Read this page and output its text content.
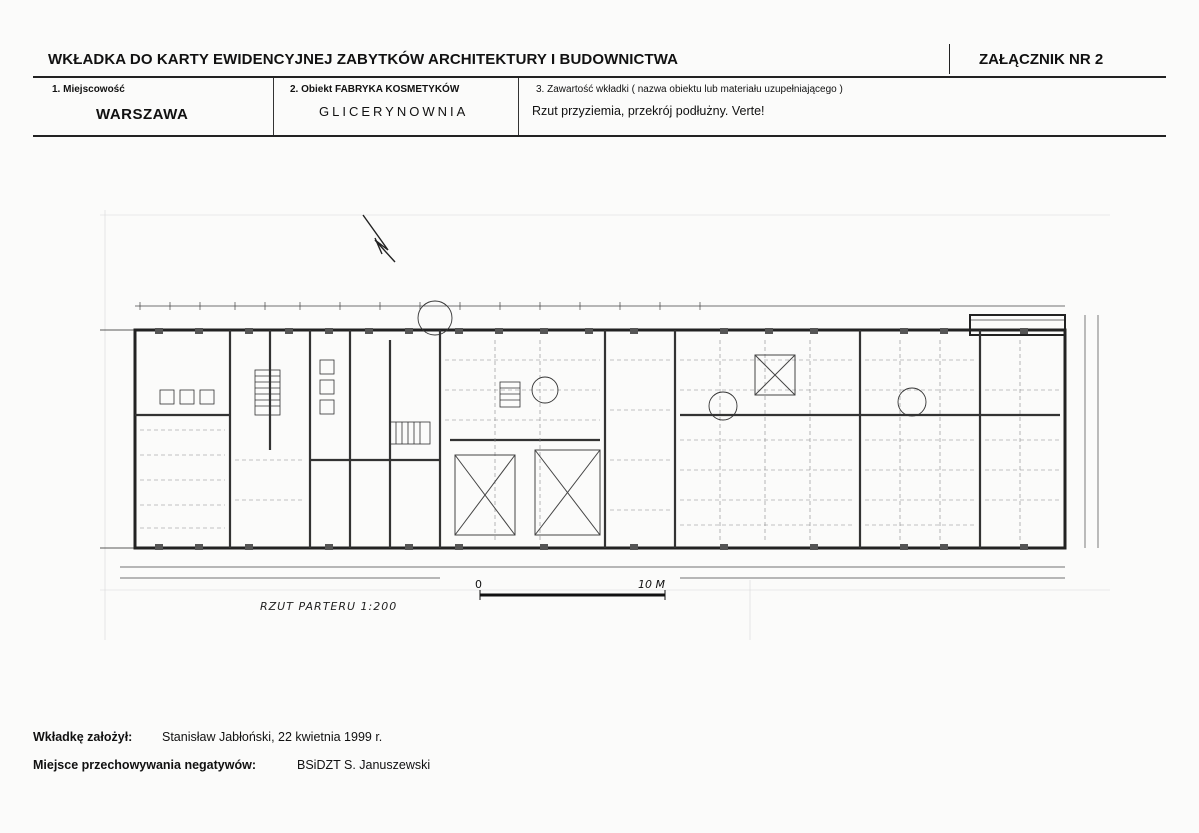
WKŁADKA DO KARTY EWIDENCYJNEJ ZABYTKÓW ARCHITEKTURY I BUDOWNICTWA	ZAŁĄCZNIK NR 2
1. Miejscowość
WARSZAWA
2. Obiekt FABRYKA KOSMETYKÓW
GLICERYNOWNIA
3. Zawartość wkładki ( nazwa obiektu lub materiału uzupełniającego )
Rzut przyziemia, przekrój podłużny. Verte!
0	10 M
RZUT PARTERU 1:200
Wkładkę założył: Stanisław Jabłoński, 22 kwietnia 1999 r.
Miejsce przechowywania negatywów:	BSiDZT S. Januszewski
